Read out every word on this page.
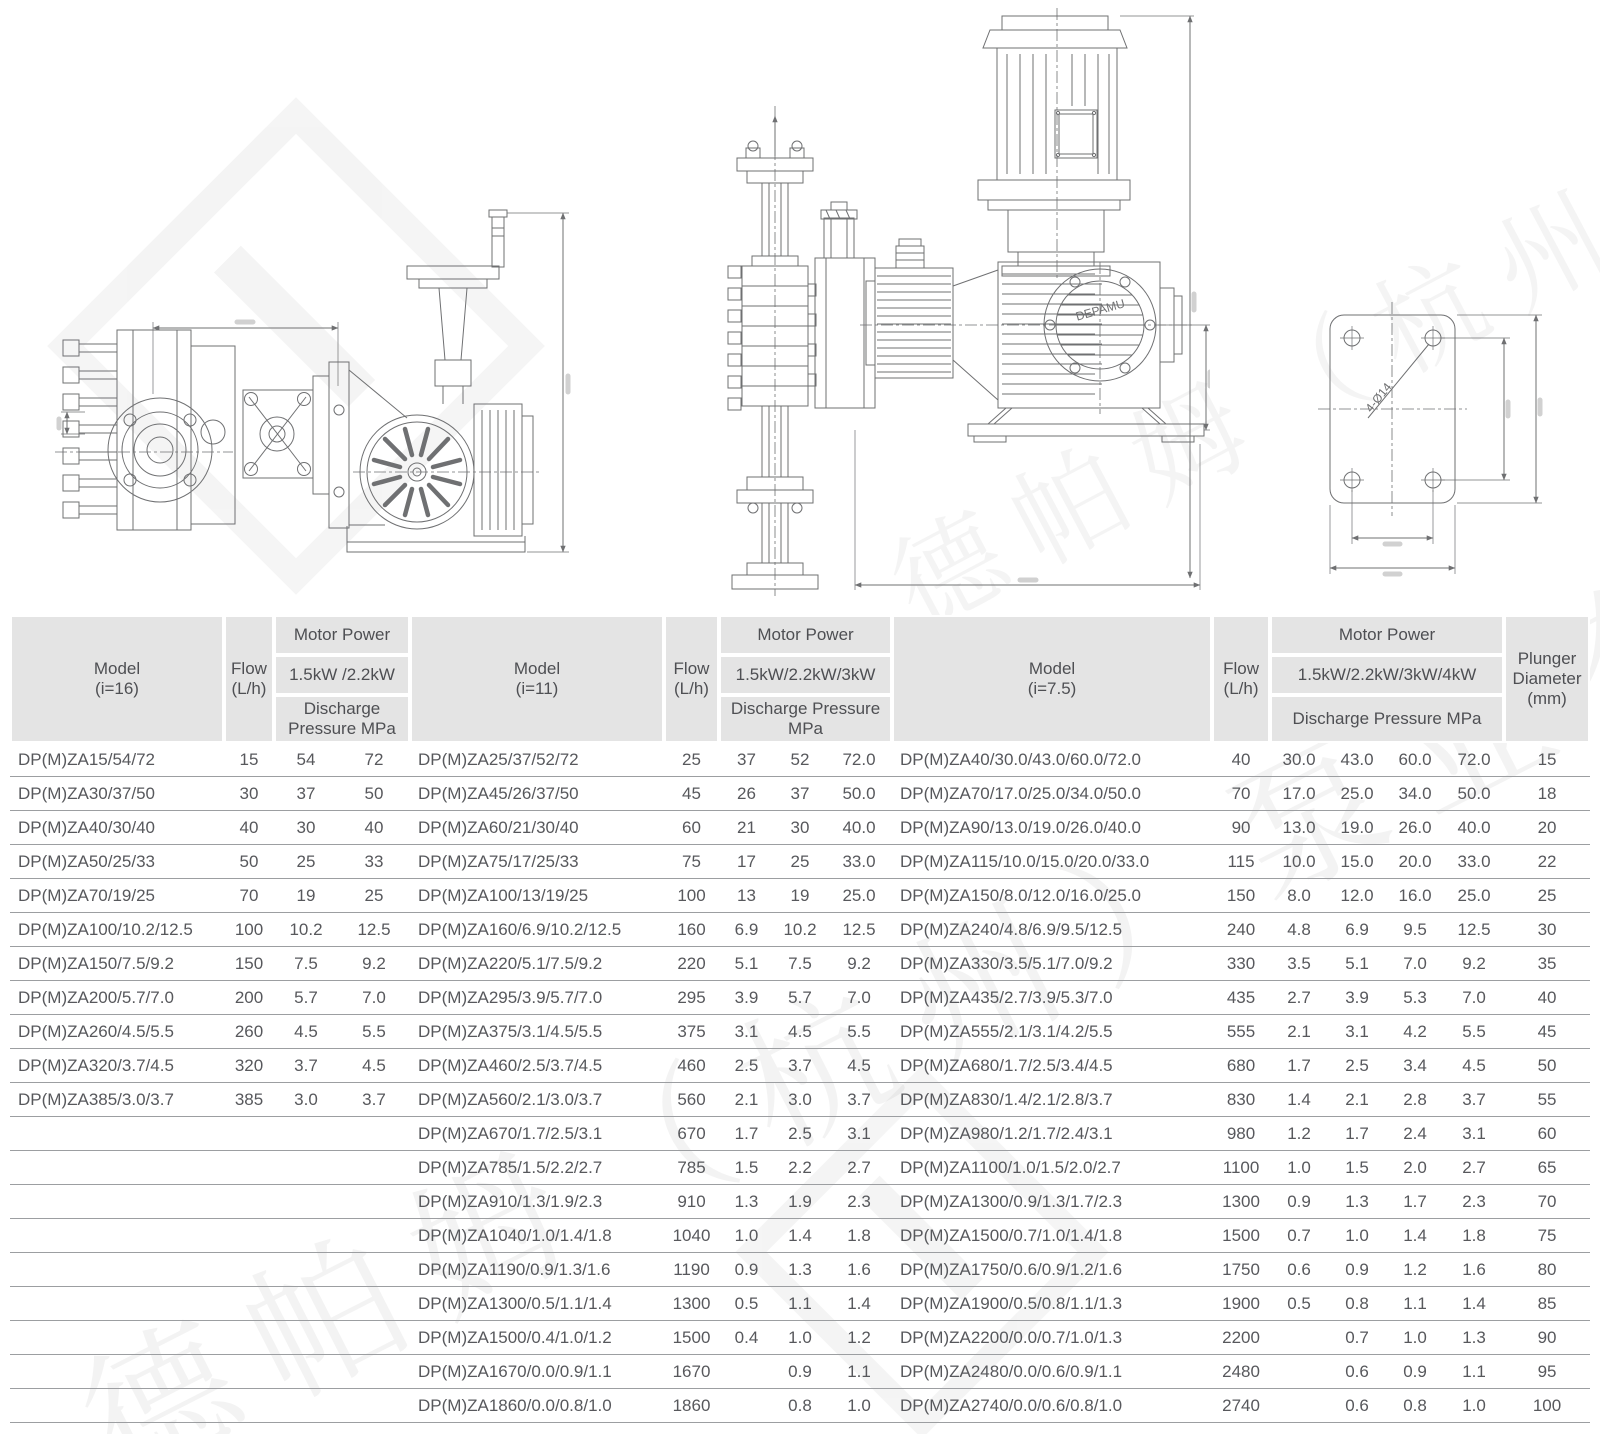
DEPAMU
4-Ø14
Model
(i=16)
	Flow (L/h)	Motor Power	
Model
(i=11)
	Flow (L/h)	Motor Power	
Model
(i=7.5)
	Flow (L/h)	Motor Power	Plunger Diameter (mm)
		1.5kW /2.2kW				1.5kW/2.2kW/3kW					1.5kW/2.2kW/3kW/4kW				
		Discharge Pressure MPa				Discharge Pressure MPa					Discharge Pressure MPa				
DP(M)ZA15/54/72	15	54	72	DP(M)ZA25/37/52/72	25	37	52	72.0	DP(M)ZA40/30.0/43.0/60.0/72.0	40	30.0	43.0	60.0	72.0	15
DP(M)ZA30/37/50	30	37	50	DP(M)ZA45/26/37/50	45	26	37	50.0	DP(M)ZA70/17.0/25.0/34.0/50.0	70	17.0	25.0	34.0	50.0	18
DP(M)ZA40/30/40	40	30	40	DP(M)ZA60/21/30/40	60	21	30	40.0	DP(M)ZA90/13.0/19.0/26.0/40.0	90	13.0	19.0	26.0	40.0	20
DP(M)ZA50/25/33	50	25	33	DP(M)ZA75/17/25/33	75	17	25	33.0	DP(M)ZA115/10.0/15.0/20.0/33.0	115	10.0	15.0	20.0	33.0	22
DP(M)ZA70/19/25	70	19	25	DP(M)ZA100/13/19/25	100	13	19	25.0	DP(M)ZA150/8.0/12.0/16.0/25.0	150	8.0	12.0	16.0	25.0	25
DP(M)ZA100/10.2/12.5	100	10.2	12.5	DP(M)ZA160/6.9/10.2/12.5	160	6.9	10.2	12.5	DP(M)ZA240/4.8/6.9/9.5/12.5	240	4.8	6.9	9.5	12.5	30
DP(M)ZA150/7.5/9.2	150	7.5	9.2	DP(M)ZA220/5.1/7.5/9.2	220	5.1	7.5	9.2	DP(M)ZA330/3.5/5.1/7.0/9.2	330	3.5	5.1	7.0	9.2	35
DP(M)ZA200/5.7/7.0	200	5.7	7.0	DP(M)ZA295/3.9/5.7/7.0	295	3.9	5.7	7.0	DP(M)ZA435/2.7/3.9/5.3/7.0	435	2.7	3.9	5.3	7.0	40
DP(M)ZA260/4.5/5.5	260	4.5	5.5	DP(M)ZA375/3.1/4.5/5.5	375	3.1	4.5	5.5	DP(M)ZA555/2.1/3.1/4.2/5.5	555	2.1	3.1	4.2	5.5	45
DP(M)ZA320/3.7/4.5	320	3.7	4.5	DP(M)ZA460/2.5/3.7/4.5	460	2.5	3.7	4.5	DP(M)ZA680/1.7/2.5/3.4/4.5	680	1.7	2.5	3.4	4.5	50
DP(M)ZA385/3.0/3.7	385	3.0	3.7	DP(M)ZA560/2.1/3.0/3.7	560	2.1	3.0	3.7	DP(M)ZA830/1.4/2.1/2.8/3.7	830	1.4	2.1	2.8	3.7	55
				DP(M)ZA670/1.7/2.5/3.1	670	1.7	2.5	3.1	DP(M)ZA980/1.2/1.7/2.4/3.1	980	1.2	1.7	2.4	3.1	60
				DP(M)ZA785/1.5/2.2/2.7	785	1.5	2.2	2.7	DP(M)ZA1100/1.0/1.5/2.0/2.7	1100	1.0	1.5	2.0	2.7	65
				DP(M)ZA910/1.3/1.9/2.3	910	1.3	1.9	2.3	DP(M)ZA1300/0.9/1.3/1.7/2.3	1300	0.9	1.3	1.7	2.3	70
				DP(M)ZA1040/1.0/1.4/1.8	1040	1.0	1.4	1.8	DP(M)ZA1500/0.7/1.0/1.4/1.8	1500	0.7	1.0	1.4	1.8	75
				DP(M)ZA1190/0.9/1.3/1.6	1190	0.9	1.3	1.6	DP(M)ZA1750/0.6/0.9/1.2/1.6	1750	0.6	0.9	1.2	1.6	80
				DP(M)ZA1300/0.5/1.1/1.4	1300	0.5	1.1	1.4	DP(M)ZA1900/0.5/0.8/1.1/1.3	1900	0.5	0.8	1.1	1.4	85
				DP(M)ZA1500/0.4/1.0/1.2	1500	0.4	1.0	1.2	DP(M)ZA2200/0.0/0.7/1.0/1.3	2200		0.7	1.0	1.3	90
				DP(M)ZA1670/0.0/0.9/1.1	1670		0.9	1.1	DP(M)ZA2480/0.0/0.6/0.9/1.1	2480		0.6	0.9	1.1	95
				DP(M)ZA1860/0.0/0.8/1.0	1860		0.8	1.0	DP(M)ZA2740/0.0/0.6/0.8/1.0	2740		0.6	0.8	1.0	100
